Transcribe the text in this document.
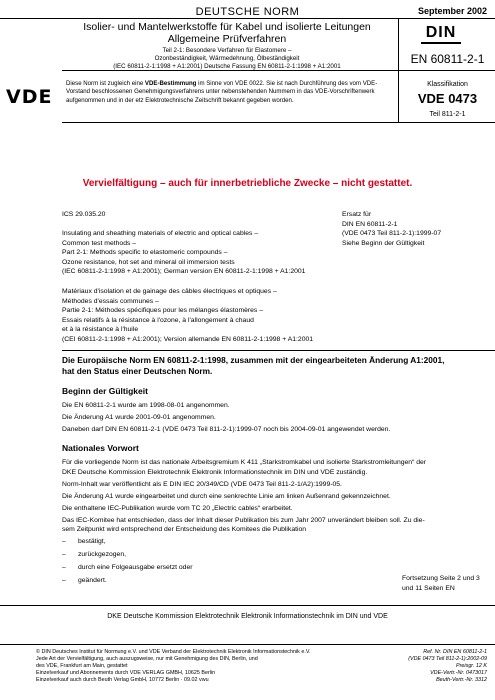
DEUTSCHE NORM	September 2002
Isolier- und Mantelwerkstoffe für Kabel und isolierte Leitungen
Allgemeine Prüfverfahren
Teil 2-1: Besondere Verfahren für Elastomere –
Ozonbeständigkeit, Wärmedehnung, Ölbeständigkeit
(IEC 60811-2-1:1998 + A1:2001) Deutsche Fassung EN 60811-2-1:1998 + A1:2001
DIN
EN 60811-2-1
VDE
Diese Norm ist zugleich eine VDE-Bestimmung im Sinne von VDE 0022. Sie ist nach Durchführung des vom VDE-Vorstand beschlossenen Genehmigungsverfahrens unter nebenstehenden Nummern in das VDE-Vorschriftenwerk aufgenommen und in der etz Elektrotechnische Zeitschrift bekannt gegeben worden.
Klassifikation
VDE 0473
Teil 811-2-1
Vervielfältigung – auch für innerbetriebliche Zwecke – nicht gestattet.
ICS 29.035.20	Ersatz für
DIN EN 60811-2-1
(VDE 0473 Teil 811-2-1):1999-07
Siehe Beginn der Gültigkeit
Insulating and sheathing materials of electric and optical cables –
Common test methods –
Part 2-1: Methods specific to elastomeric compounds –
Ozone resistance, hot set and mineral oil immersion tests
(IEC 60811-2-1:1998 + A1:2001); German version EN 60811-2-1:1998 + A1:2001
Matériaux d'isolation et de gainage des câbles électriques et optiques –
Méthodes d'essais communes –
Partie 2-1: Méthodes spécifiques pour les mélanges élastomères –
Essais relatifs à la résistance à l'ozone, à l'allongement à chaud
et à la résistance à l'huile
(CEI 60811-2-1:1998 + A1:2001); Version allemande EN 60811-2-1:1998 + A1:2001
Die Europäische Norm EN 60811-2-1:1998, zusammen mit der eingearbeiteten Änderung A1:2001,
hat den Status einer Deutschen Norm.
Beginn der Gültigkeit
Die EN 60811-2-1 wurde am 1998-08-01 angenommen.
Die Änderung A1 wurde 2001-09-01 angenommen.
Daneben darf DIN EN 60811-2-1 (VDE 0473 Teil 811-2-1):1999-07 noch bis 2004-09-01 angewendet werden.
Nationales Vorwort
Für die vorliegende Norm ist das nationale Arbeitsgremium K 411 „Starkstromkabel und isolierte Starkstromleitungen“ der
DKE Deutsche Kommission Elektrotechnik Elektronik Informationstechnik im DIN und VDE zuständig.
Norm-Inhalt war veröffentlicht als E DIN IEC 20/349/CD (VDE 0473 Teil 811-2-1/A2):1999-05.
Die Änderung A1 wurde eingearbeitet und durch eine senkrechte Linie am linken Außenrand gekennzeichnet.
Die enthaltene IEC-Publikation wurde vom TC 20 „Electric cables“ erarbeitet.
Das IEC-Komitee hat entschieden, dass der Inhalt dieser Publikation bis zum Jahr 2007 unverändert bleiben soll. Zu die-
sem Zeitpunkt wird entsprechend der Entscheidung des Komitees die Publikation
– bestätigt,
– zurückgezogen,
– durch eine Folgeausgabe ersetzt oder
– geändert.	Fortsetzung Seite 2 und 3
und 11 Seiten EN
DKE Deutsche Kommission Elektrotechnik Elektronik Informationstechnik im DIN und VDE
© DIN Deutsches Institut für Normung e.V. und VDE Verband der Elektrotechnik Elektronik Informationstechnik e.V.
Jede Art der Vervielfältigung, auch auszugsweise, nur mit Genehmigung des DIN, Berlin, und
des VDE, Frankfurt am Main, gestattet
Einzelverkauf und Abonnements durch VDE VERLAG GMBH, 10625 Berlin
Einzelverkauf auch durch Beuth Verlag GmbH, 10772 Berlin · 09.02 vwu
Ref. Nr. DIN EN 60811-2-1
(VDE 0473 Teil 811-2-1):2002-09
Preisgr. 12 K
VDE-Vertr.-Nr. 0473017
Beuth-Vertr.-Nr. 3312
